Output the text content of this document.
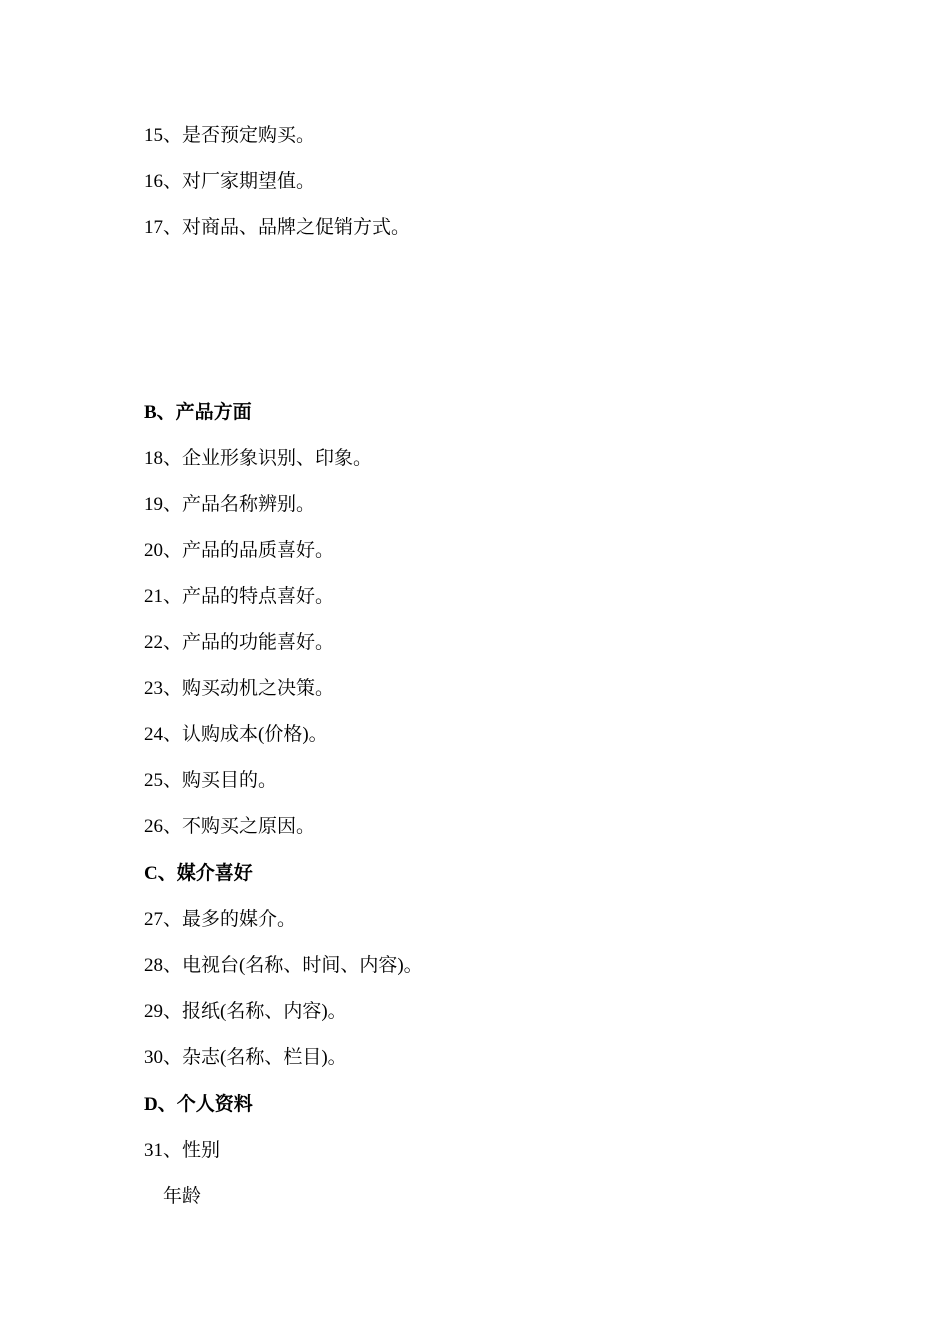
15、是否预定购买。
16、对厂家期望值。
17、对商品、品牌之促销方式。
B、产品方面
18、企业形象识别、印象。
19、产品名称辨别。
20、产品的品质喜好。
21、产品的特点喜好。
22、产品的功能喜好。
23、购买动机之决策。
24、认购成本(价格)。
25、购买目的。
26、不购买之原因。
C、媒介喜好
27、最多的媒介。
28、电视台(名称、时间、内容)。
29、报纸(名称、内容)。
30、杂志(名称、栏目)。
D、个人资料
31、性别
年龄
